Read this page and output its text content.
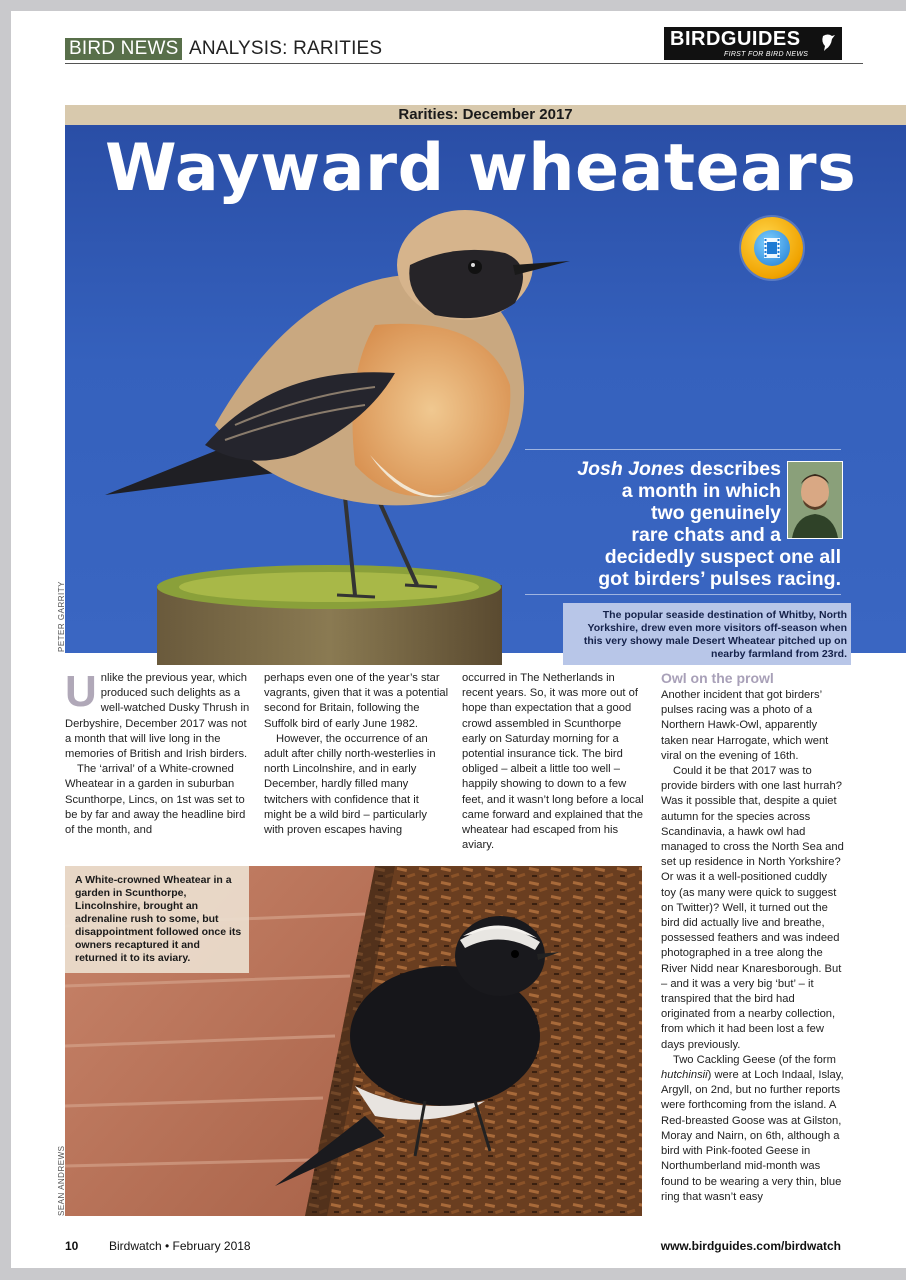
BIRD NEWS ANALYSIS: RARITIES	BIRDGUIDES
FIRST FOR BIRD NEWS
Rarities: December 2017
Wayward wheatears
Josh Jones describes
a month in which
two genuinely
rare chats and a
decidedly suspect one all
got birders’ pulses racing.
The popular seaside destination of Whitby, North Yorkshire, drew even more visitors off-season when this very showy male Desert Wheatear pitched up on nearby farmland from 23rd.
PETER GARRITY

Unlike the previous year, which produced such delights as a well-watched Dusky Thrush in Derbyshire, December 2017 was not a month that will live long in the memories of British and Irish birders.

The ‘arrival’ of a White-crowned Wheatear in a garden in suburban Scunthorpe, Lincs, on 1st was set to be by far and away the headline bird of the month, and

perhaps even one of the year’s star vagrants, given that it was a potential second for Britain, following the Suffolk bird of early June 1982.

However, the occurrence of an adult after chilly north-westerlies in north Lincolnshire, and in early December, hardly filled many twitchers with confidence that it might be a wild bird – particularly with proven escapes having

occurred in The Netherlands in recent years. So, it was more out of hope than expectation that a good crowd assembled in Scunthorpe early on Saturday morning for a potential insurance tick. The bird obliged – albeit a little too well – happily showing to down to a few feet, and it wasn’t long before a local came forward and explained that the wheatear had escaped from his aviary.

Owl on the prowl

Another incident that got birders’ pulses racing was a photo of a Northern Hawk-Owl, apparently taken near Harrogate, which went viral on the evening of 16th.

Could it be that 2017 was to provide birders with one last hurrah? Was it possible that, despite a quiet autumn for the species across Scandinavia, a hawk owl had managed to cross the North Sea and set up residence in North Yorkshire? Or was it a well-positioned cuddly toy (as many were quick to suggest on Twitter)? Well, it turned out the bird did actually live and breathe, possessed feathers and was indeed photographed in a tree along the River Nidd near Knaresborough. But – and it was a very big ‘but’ – it transpired that the bird had originated from a nearby collection, from which it had been lost a few days previously.

Two Cackling Geese (of the form hutchinsii) were at Loch Indaal, Islay, Argyll, on 2nd, but no further reports were forthcoming from the island. A Red-breasted Goose was at Gilston, Moray and Nairn, on 6th, although a bird with Pink-footed Geese in Northumberland mid-month was found to be wearing a very thin, blue ring that wasn’t easy

A White-crowned Wheatear in a garden in Scunthorpe, Lincolnshire, brought an adrenaline rush to some, but disappointment followed once its owners recaptured it and returned it to its aviary.
SEAN ANDREWS
10	Birdwatch • February 2018	www.birdguides.com/birdwatch
